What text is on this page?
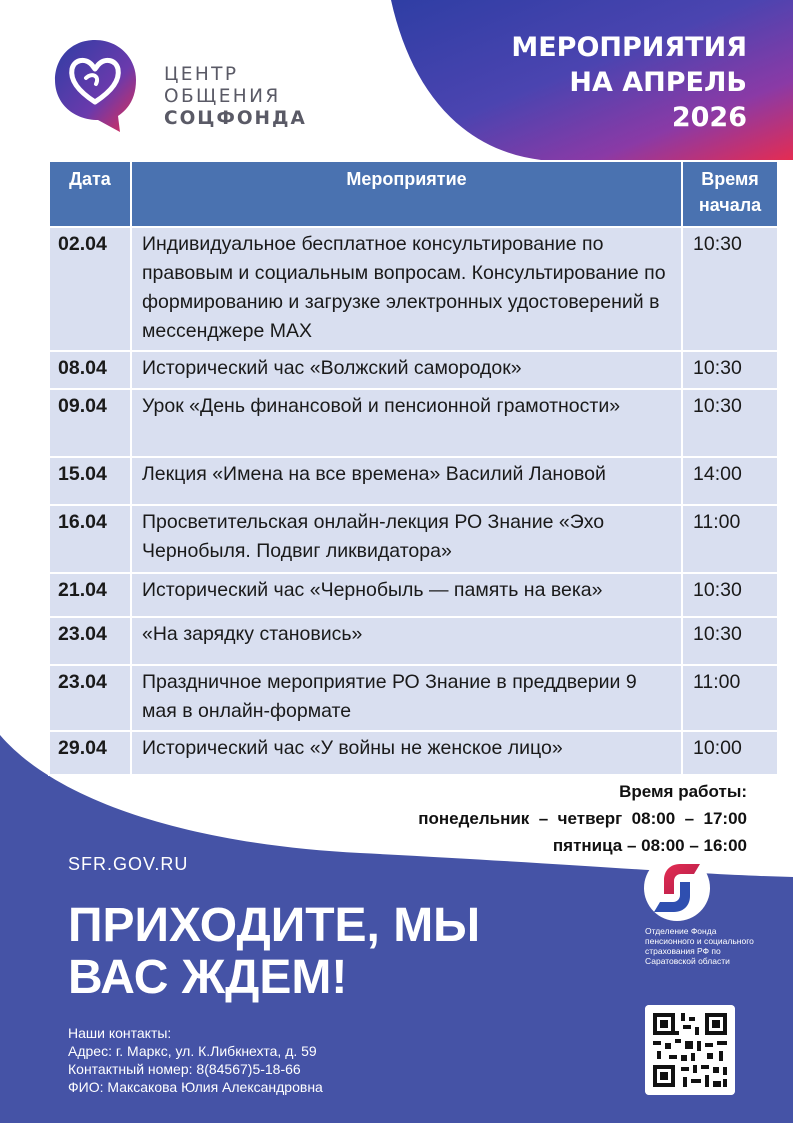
МЕРОПРИЯТИЯ
НА АПРЕЛЬ
2026
ЦЕНТР
ОБЩЕНИЯ
СОЦФОНДА
Дата	Мероприятие	Время начала
02.04	Индивидуальное бесплатное консультирование по правовым и социальным вопросам. Консультирование по формированию и загрузке электронных удостоверений в мессенджере MAX	10:30
08.04	Исторический час «Волжский самородок»	10:30
09.04	Урок «День финансовой и пенсионной грамотности»	10:30
15.04	Лекция «Имена на все времена» Василий Лановой	14:00
16.04	Просветительская онлайн-лекция РО Знание «Эхо Чернобыля. Подвиг ликвидатора»	11:00
21.04	Исторический час «Чернобыль — память на века»	10:30
23.04	«На зарядку становись»	10:30
23.04	Праздничное мероприятие РО Знание в преддверии 9 мая в онлайн-формате	11:00
29.04	Исторический час «У войны не женское лицо»	10:00
Время работы:
понедельник  –  четверг  08:00  –  17:00
пятница – 08:00 – 16:00
SFR.GOV.RU
ПРИХОДИТЕ, МЫ ВАС ЖДЕМ!
Наши контакты:
Адрес: г. Маркс, ул. К.Либкнехта, д. 59
Контактный номер: 8(84567)5-18-66
ФИО: Максакова Юлия Александровна
Отделение Фонда пенсионного и социального страхования РФ по Саратовской области
